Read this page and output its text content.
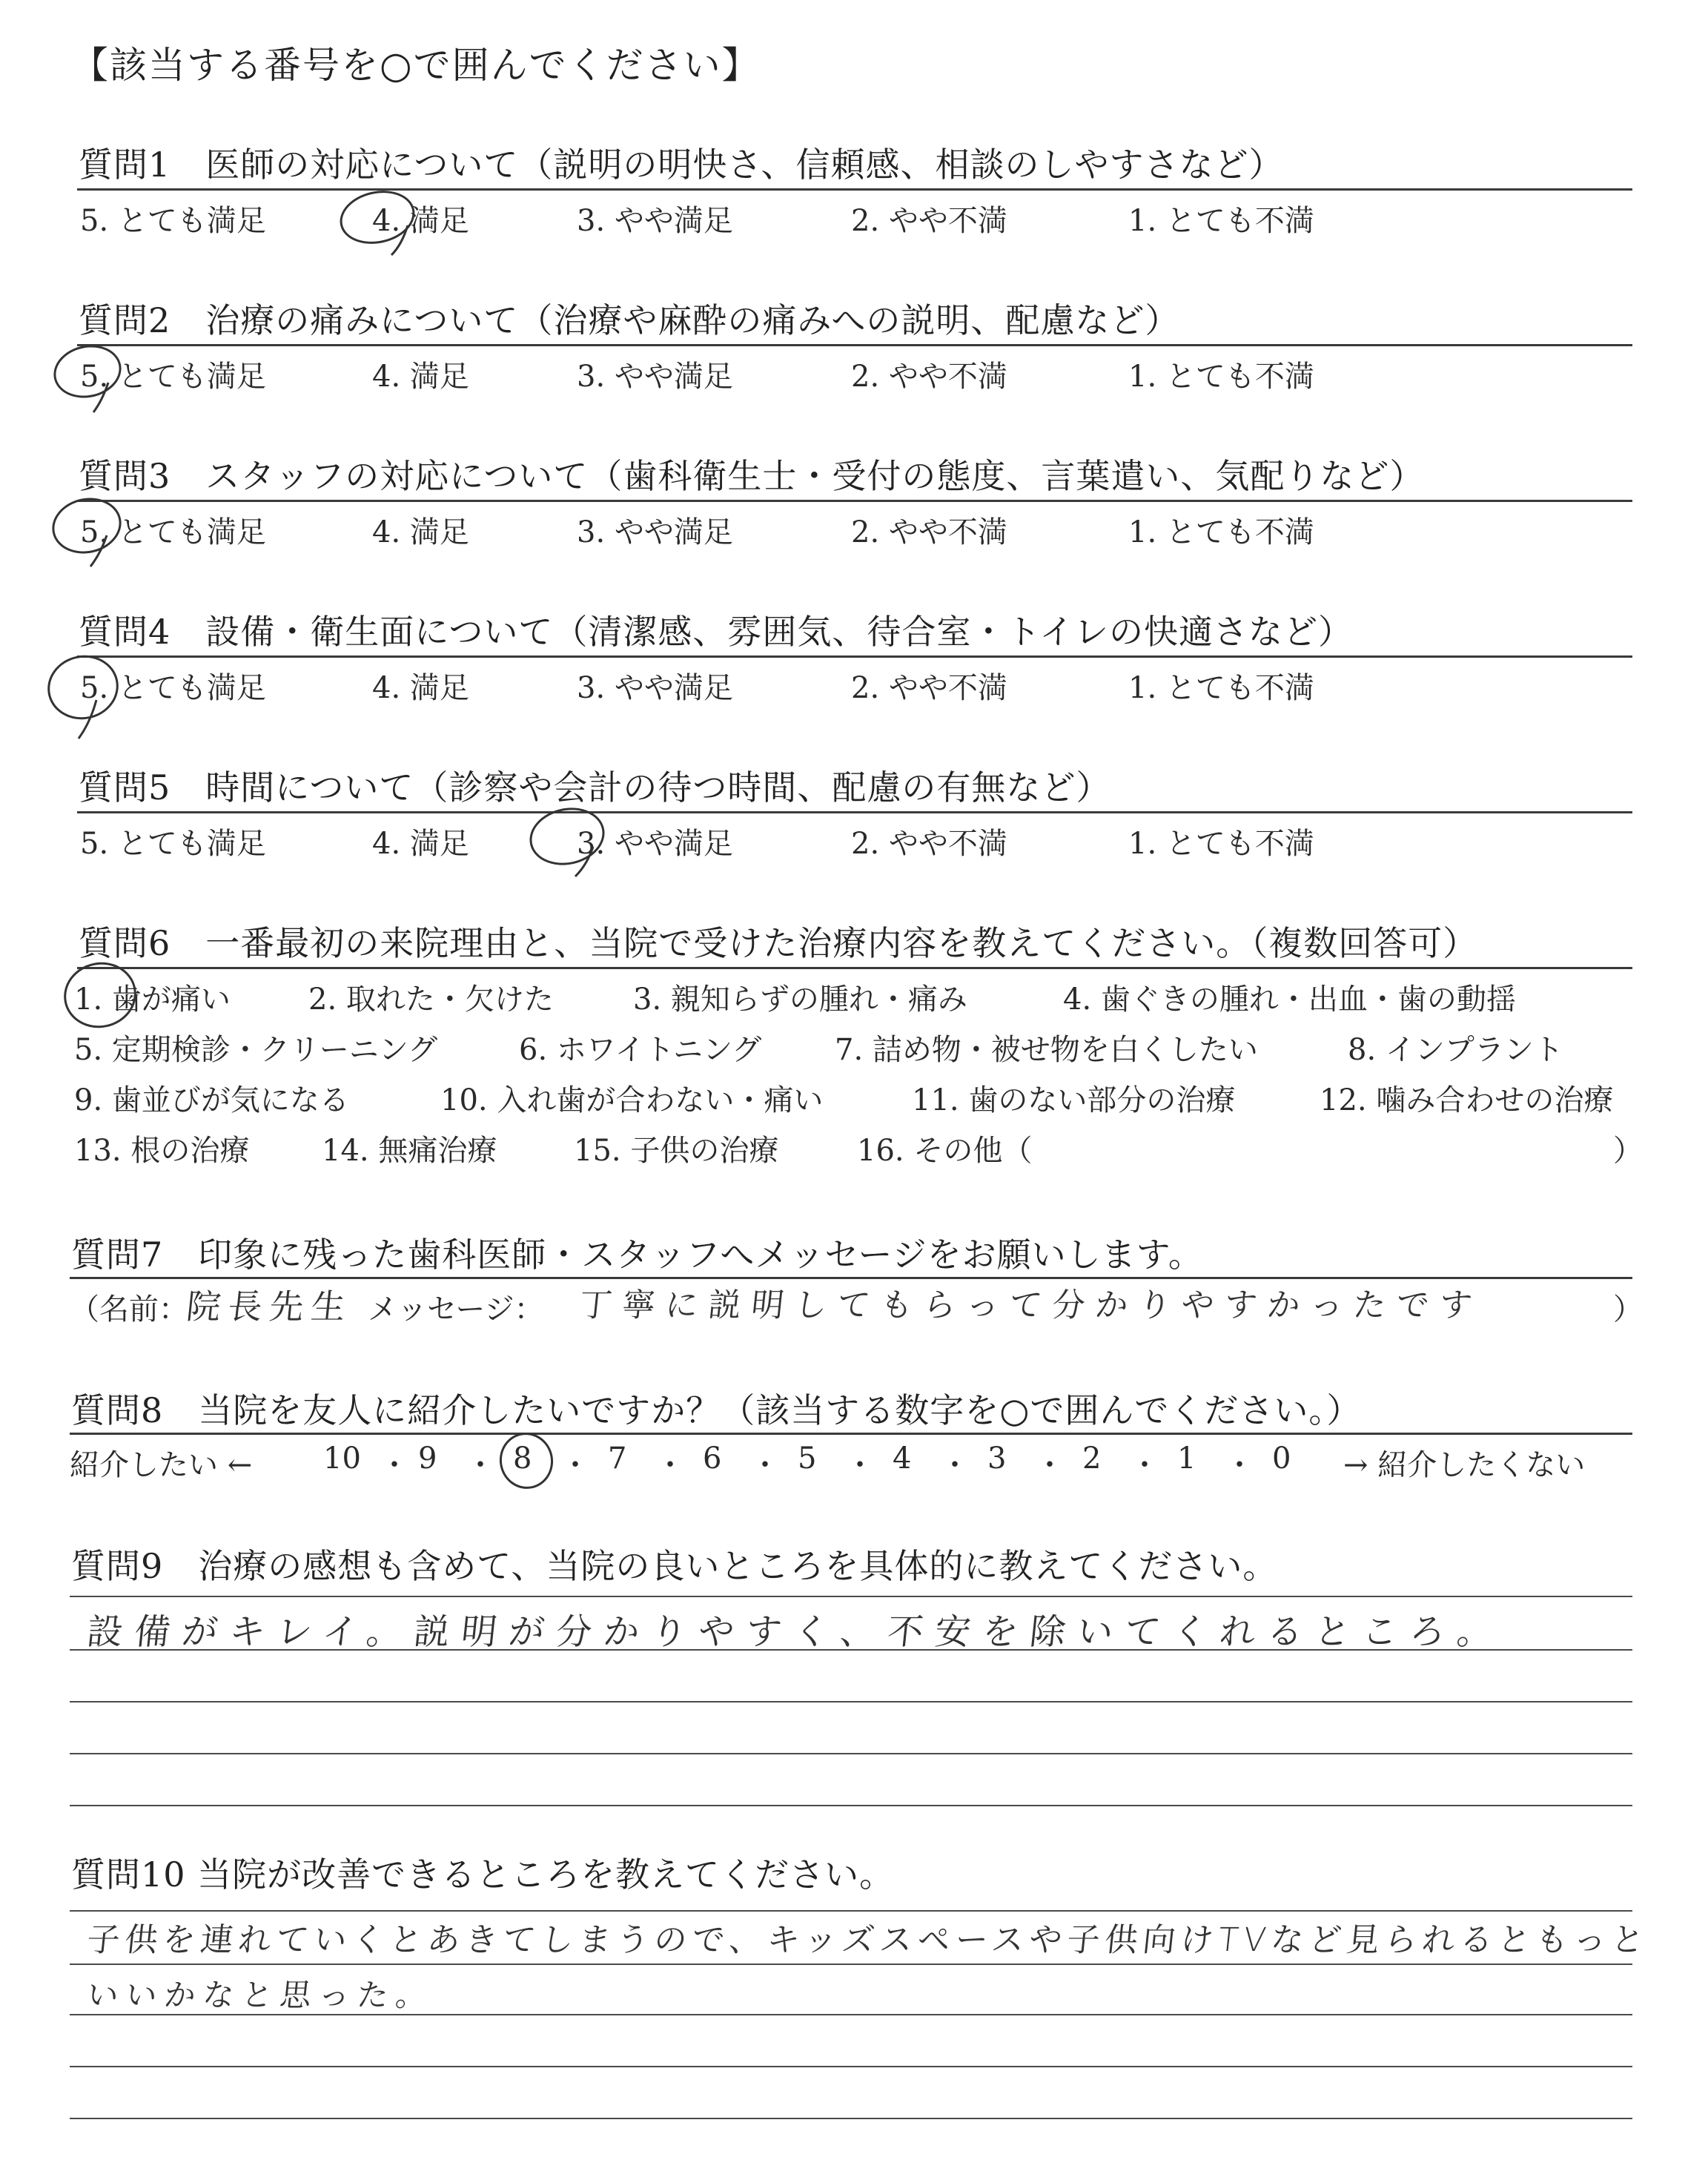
【該当する番号を○で囲んでください】
質問1　医師の対応について（説明の明快さ、信頼感、相談のしやすさなど）
5. とても満足	4. 満足	3. やや満足	2. やや不満	1. とても不満
質問2　治療の痛みについて（治療や麻酔の痛みへの説明、配慮など）
5. とても満足	4. 満足	3. やや満足	2. やや不満	1. とても不満
質問3　スタッフの対応について（歯科衛生士・受付の態度、言葉遣い、気配りなど）
5. とても満足	4. 満足	3. やや満足	2. やや不満	1. とても不満
質問4　設備・衛生面について（清潔感、雰囲気、待合室・トイレの快適さなど）
5. とても満足	4. 満足	3. やや満足	2. やや不満	1. とても不満
質問5　時間について（診察や会計の待つ時間、配慮の有無など）
5. とても満足	4. 満足	3. やや満足	2. やや不満	1. とても不満
質問6　一番最初の来院理由と、当院で受けた治療内容を教えてください。（複数回答可）
1. 歯が痛い	2. 取れた・欠けた	3. 親知らずの腫れ・痛み	4. 歯ぐきの腫れ・出血・歯の動揺
5. 定期検診・クリーニング	6. ホワイトニング 7. 詰め物・被せ物を白くしたい	8. インプラント
9. 歯並びが気になる	10. 入れ歯が合わない・痛い	11. 歯のない部分の治療	12. 噛み合わせの治療
13. 根の治療 14. 無痛治療	15. 子供の治療	16. その他（	）
質問7　印象に残った歯科医師・スタッフへメッセージをお願いします。
（名前：
院長先生 メッセージ： 丁寧に説明してもらって分かりやすかったです	）
質問8　当院を友人に紹介したいですか？（該当する数字を○で囲んでください。）
紹介したい ← 10 ・ 9 ・ 8 ・ 7 ・ 6 ・ 5 ・ 4 ・ 3 ・ 2 ・ 1 ・ 0 → 紹介したくない
質問9　治療の感想も含めて、当院の良いところを具体的に教えてください。
設備がキレイ。説明が分かりやすく、不安を除いてくれるところ。
質問10 当院が改善できるところを教えてください。
子供を連れていくとあきてしまうので、キッズスペースや子供向けTVなど見られるともっと
いいかなと思った。
